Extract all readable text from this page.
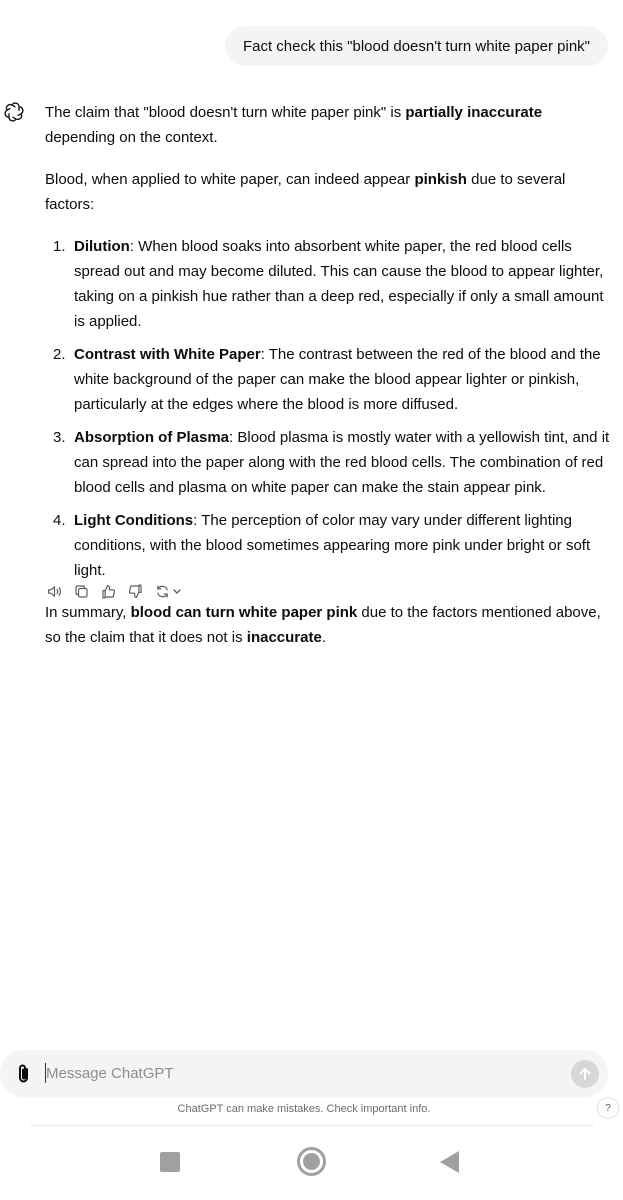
Fact check this "blood doesn't turn white paper pink"

The claim that "blood doesn't turn white paper pink" is partially inaccurate depending on the context.

Blood, when applied to white paper, can indeed appear pinkish due to several factors:

1. Dilution: When blood soaks into absorbent white paper, the red blood cells spread out and may become diluted. This can cause the blood to appear lighter, taking on a pinkish hue rather than a deep red, especially if only a small amount is applied.
2. Contrast with White Paper: The contrast between the red of the blood and the white background of the paper can make the blood appear lighter or pinkish, particularly at the edges where the blood is more diffused.
3. Absorption of Plasma: Blood plasma is mostly water with a yellowish tint, and it can spread into the paper along with the red blood cells. The combination of red blood cells and plasma on white paper can make the stain appear pink.
4. Light Conditions: The perception of color may vary under different lighting conditions, with the blood sometimes appearing more pink under bright or soft light.

In summary, blood can turn white paper pink due to the factors mentioned above, so the claim that it does not is inaccurate.

Message ChatGPT
ChatGPT can make mistakes. Check important info.	?
